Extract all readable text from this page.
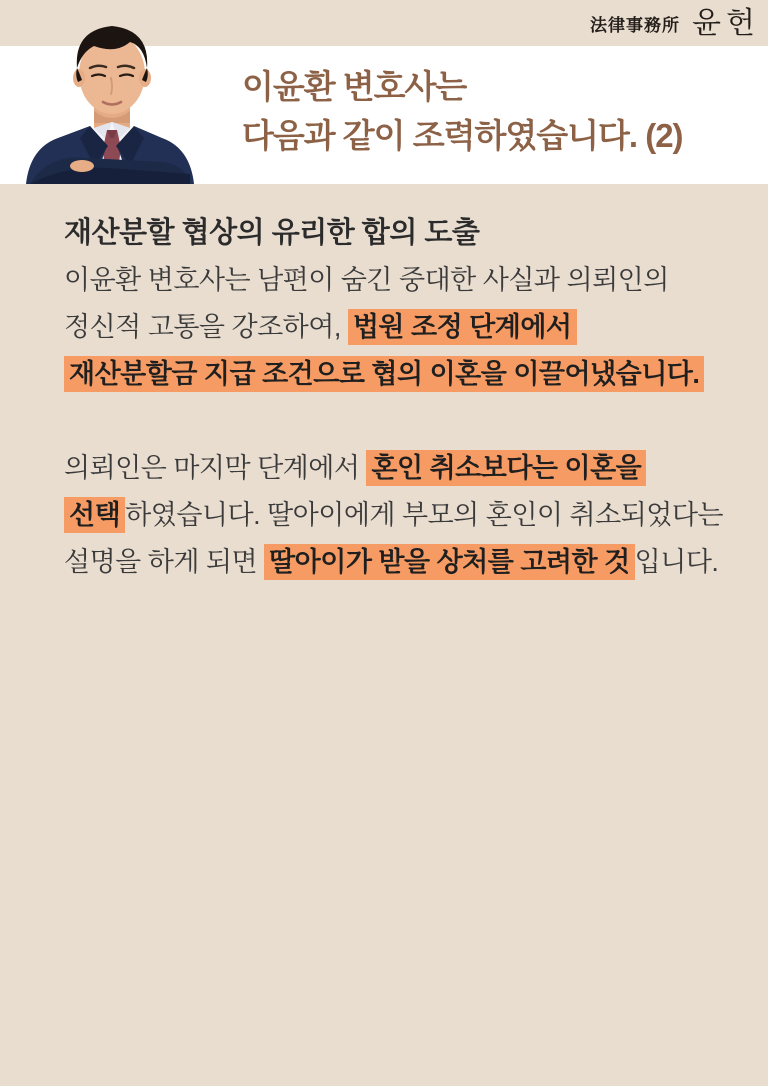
法律事務所 윤헌
이윤환 변호사는
다음과 같이 조력하였습니다. (2)
재산분할 협상의 유리한 합의 도출

이윤환 변호사는 남편이 숨긴 중대한 사실과 의뢰인의
정신적 고통을 강조하여, 법원 조정 단계에서
재산분할금 지급 조건으로 협의 이혼을 이끌어냈습니다.

의뢰인은 마지막 단계에서 혼인 취소보다는 이혼을
선택 하였습니다. 딸아이에게 부모의 혼인이 취소되었다는
설명을 하게 되면 딸아이가 받을 상처를 고려한 것 입니다.
